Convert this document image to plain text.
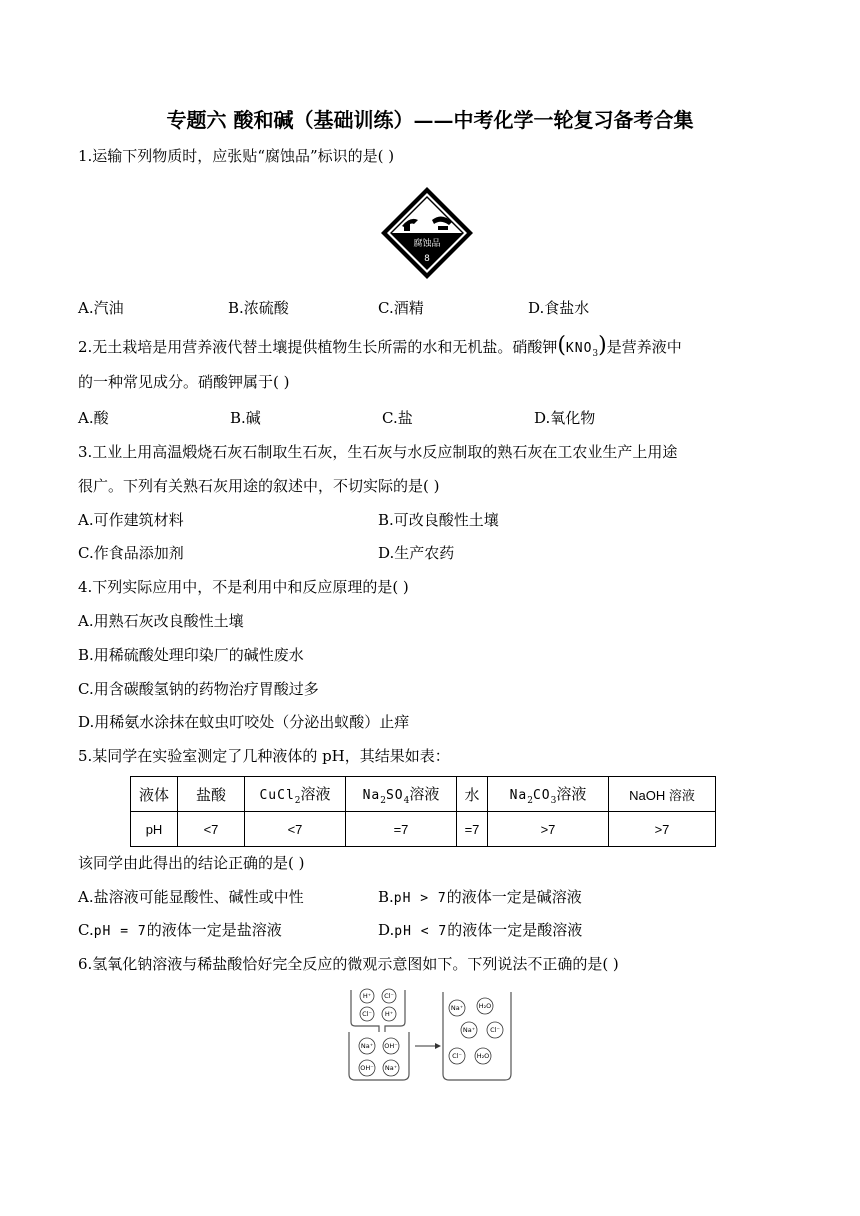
专题六 酸和碱（基础训练）——中考化学一轮复习备考合集
1.运输下列物质时，应张贴“腐蚀品”标识的是( )
腐蚀品
8
A.汽油	B.浓硫酸	C.酒精	D.食盐水
2.无土栽培是用营养液代替土壤提供植物生长所需的水和无机盐。硝酸钾$(KNO_3)$是营养液中
的一种常见成分。硝酸钾属于( )
A.酸	B.碱	C.盐	D.氧化物
3.工业上用高温煅烧石灰石制取生石灰，生石灰与水反应制取的熟石灰在工农业生产上用途
很广。下列有关熟石灰用途的叙述中，不切实际的是( )
A.可作建筑材料	B.可改良酸性土壤
C.作食品添加剂	D.生产农药
4.下列实际应用中，不是利用中和反应原理的是( )
A.用熟石灰改良酸性土壤
B.用稀硫酸处理印染厂的碱性废水
C.用含碳酸氢钠的药物治疗胃酸过多
D.用稀氨水涂抹在蚊虫叮咬处（分泌出蚁酸）止痒
5.某同学在实验室测定了几种液体的 pH，其结果如表：
液体	盐酸	CuCl$_2$溶液	$Na_2SO_4$溶液	水	$Na_2CO_3$溶液	NaOH 溶液
pH	<7	<7	=7	=7	>7	>7
该同学由此得出的结论正确的是( )
A.盐溶液可能显酸性、碱性或中性	B.pH > 7的液体一定是碱溶液
C.pH = 7的液体一定是盐溶液	D.pH < 7的液体一定是酸溶液
6.氢氧化钠溶液与稀盐酸恰好完全反应的微观示意图如下。下列说法不正确的是( )
H⁺ Cl⁻
Cl⁻ H⁺
Na⁺ OH⁻
OH⁻ Na⁺
Na⁺ H₂O
Na⁺ Cl⁻
Cl⁻ H₂O
